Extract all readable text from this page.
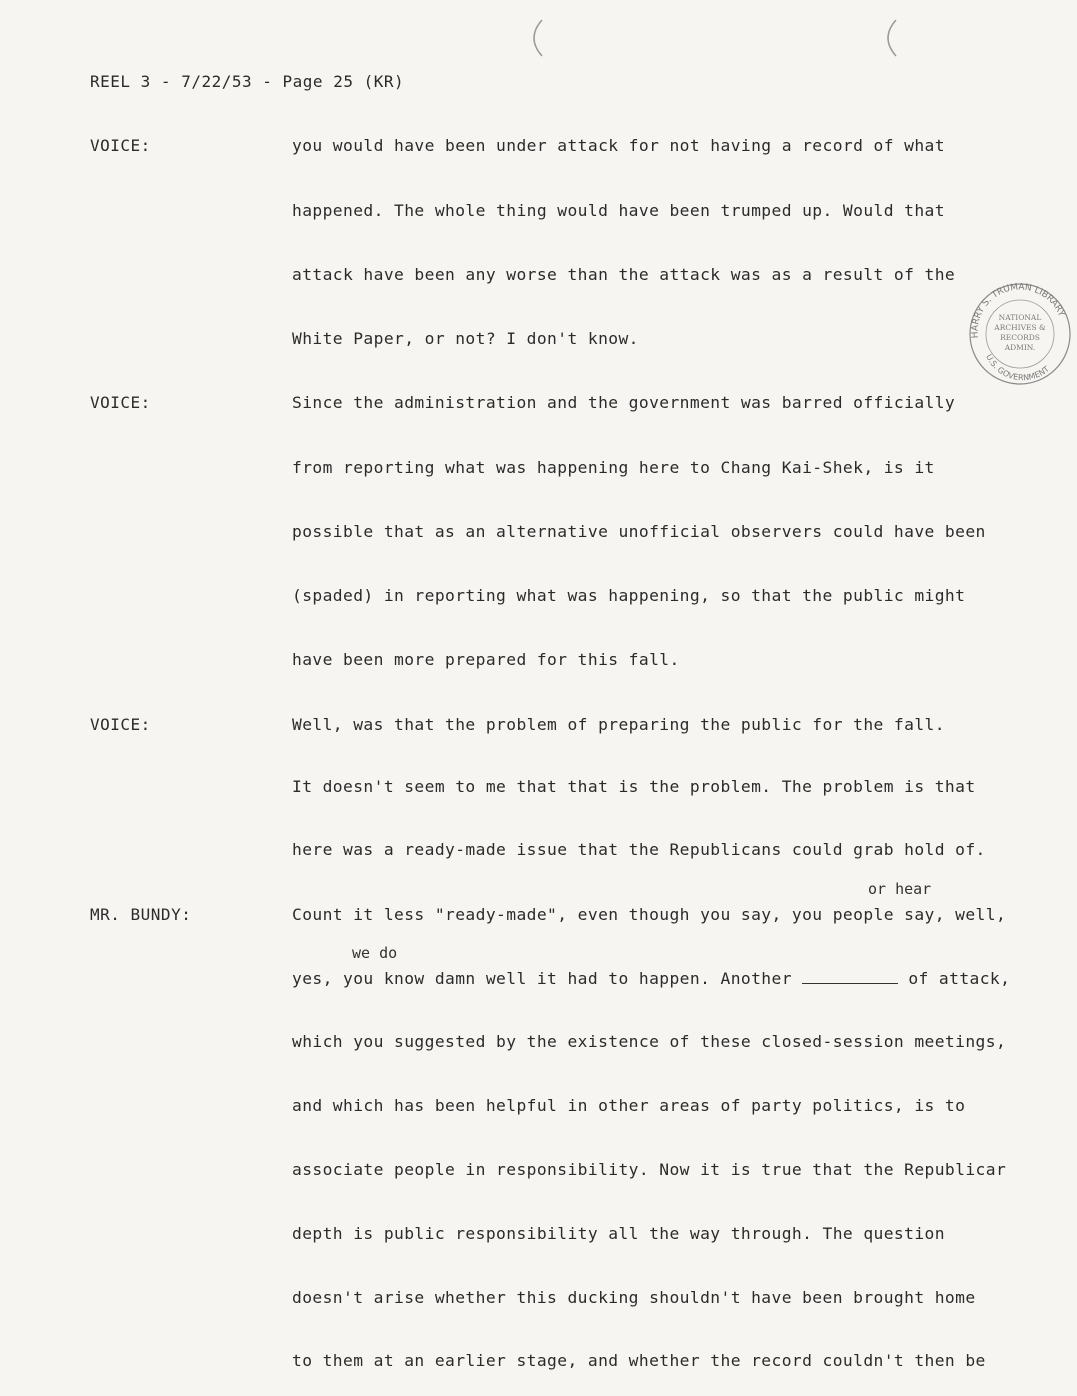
REEL 3 - 7/22/53 - Page 25 (KR)
VOICE:
VOICE:
VOICE:
MR. BUNDY:
you would have been under attack for not having a record of what
happened. The whole thing would have been trumped up. Would that
attack have been any worse than the attack was as a result of the
White Paper, or not? I don't know.
Since the administration and the government was barred officially
from reporting what was happening here to Chang Kai-Shek, is it
possible that as an alternative unofficial observers could have been
(spaded) in reporting what was happening, so that the public might
have been more prepared for this fall.
Well, was that the problem of preparing the public for the fall.
It doesn't seem to me that that is the problem. The problem is that
here was a ready-made issue that the Republicans could grab hold of.
or hear
Count it less "ready-made", even though you say, you people say, well,
we do
yes, you know damn well it had to happen. Another	of attack,
which you suggested by the existence of these closed-session meetings,
and which has been helpful in other areas of party politics, is to
associate people in responsibility. Now it is true that the Republicar
depth is public responsibility all the way through. The question
doesn't arise whether this ducking shouldn't have been brought home
to them at an earlier stage, and whether the record couldn't then be
HARRY S. TRUMAN LIBRARY
U.S. GOVERNMENT
NATIONAL
ARCHIVES &
RECORDS
ADMIN.
